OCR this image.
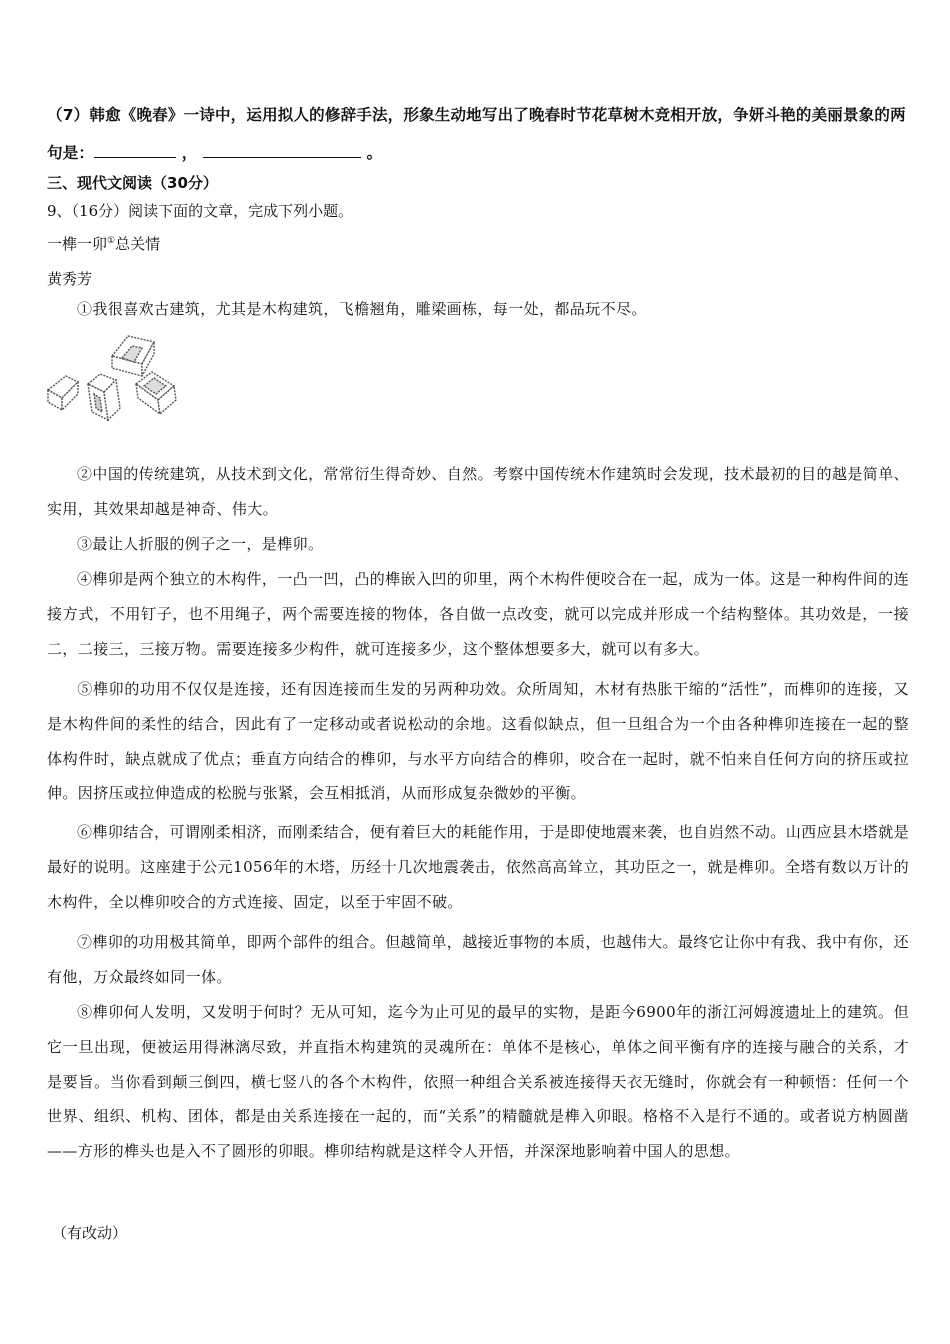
（7）韩愈《晚春》一诗中，运用拟人的修辞手法，形象生动地写出了晚春时节花草树木竞相开放，争妍斗艳的美丽景象的两句是：	，	。
三、现代文阅读（30分）
9、（16分）阅读下面的文章，完成下列小题。
一榫一卯①总关情
黄秀芳
①我很喜欢古建筑，尤其是木构建筑，飞檐翘角，雕梁画栋，每一处，都品玩不尽。
②中国的传统建筑，从技术到文化，常常衍生得奇妙、自然。考察中国传统木作建筑时会发现，技术最初的目的越是简单、实用，其效果却越是神奇、伟大。
③最让人折服的例子之一，是榫卯。
④榫卯是两个独立的木构件，一凸一凹，凸的榫嵌入凹的卯里，两个木构件便咬合在一起，成为一体。这是一种构件间的连接方式，不用钉子，也不用绳子，两个需要连接的物体，各自做一点改变，就可以完成并形成一个结构整体。其功效是，一接二，二接三，三接万物。需要连接多少构件，就可连接多少，这个整体想要多大，就可以有多大。
⑤榫卯的功用不仅仅是连接，还有因连接而生发的另两种功效。众所周知，木材有热胀干缩的“活性”，而榫卯的连接，又是木构件间的柔性的结合，因此有了一定移动或者说松动的余地。这看似缺点，但一旦组合为一个由各种榫卯连接在一起的整体构件时，缺点就成了优点；垂直方向结合的榫卯，与水平方向结合的榫卯，咬合在一起时，就不怕来自任何方向的挤压或拉伸。因挤压或拉伸造成的松脱与张紧，会互相抵消，从而形成复杂微妙的平衡。
⑥榫卯结合，可谓刚柔相济，而刚柔结合，便有着巨大的耗能作用，于是即使地震来袭，也自岿然不动。山西应县木塔就是最好的说明。这座建于公元1056年的木塔，历经十几次地震袭击，依然高高耸立，其功臣之一，就是榫卯。全塔有数以万计的木构件，全以榫卯咬合的方式连接、固定，以至于牢固不破。
⑦榫卯的功用极其简单，即两个部件的组合。但越简单，越接近事物的本质，也越伟大。最终它让你中有我、我中有你，还有他，万众最终如同一体。
⑧榫卯何人发明，又发明于何时？无从可知，迄今为止可见的最早的实物，是距今6900年的浙江河姆渡遗址上的建筑。但它一旦出现，便被运用得淋漓尽致，并直指木构建筑的灵魂所在：单体不是核心，单体之间平衡有序的连接与融合的关系，才是要旨。当你看到颠三倒四，横七竖八的各个木构件，依照一种组合关系被连接得天衣无缝时，你就会有一种顿悟：任何一个世界、组织、机构、团体，都是由关系连接在一起的，而“关系”的精髓就是榫入卯眼。格格不入是行不通的。或者说方枘圆凿——方形的榫头也是入不了圆形的卯眼。榫卯结构就是这样令人开悟，并深深地影响着中国人的思想。
（有改动）
